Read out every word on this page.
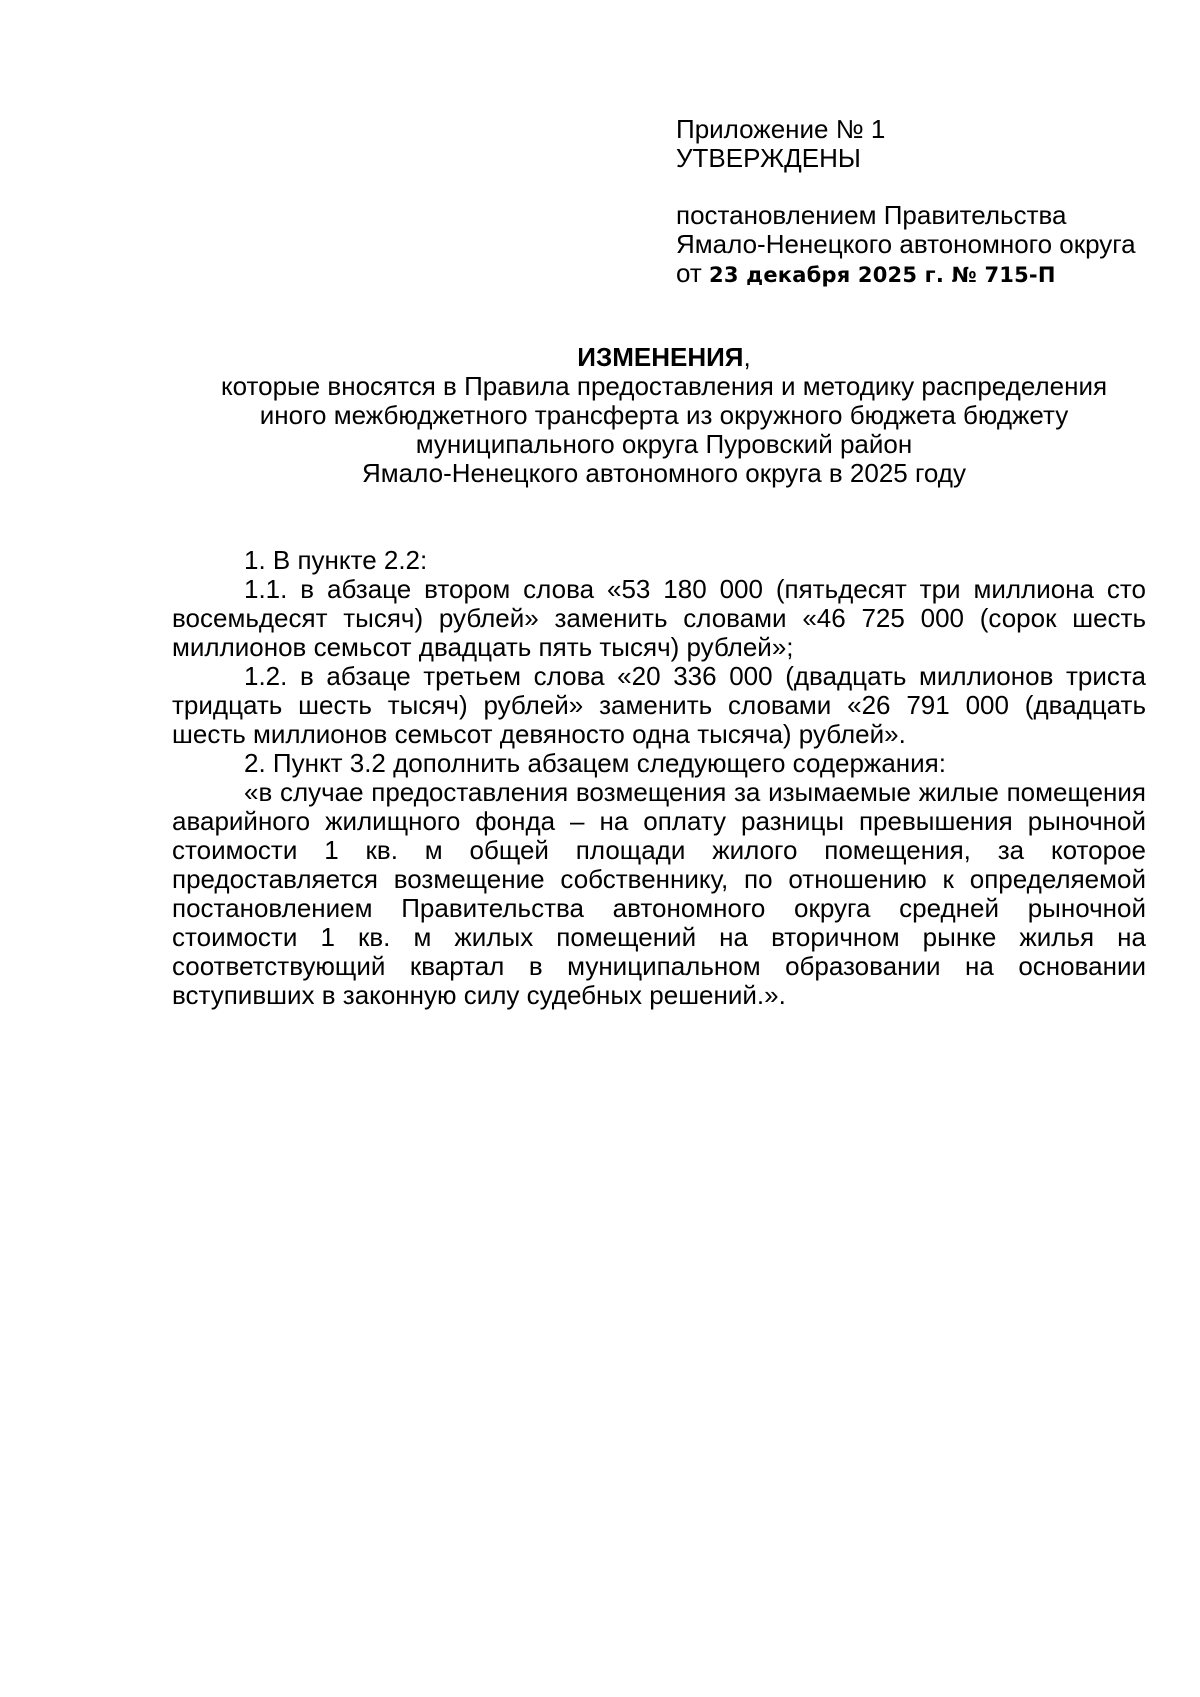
Приложение № 1
УТВЕРЖДЕНЫ
постановлением Правительства
Ямало-Ненецкого автономного округа
от 23 декабря 2025 г. № 715-П
ИЗМЕНЕНИЯ,
которые вносятся в Правила предоставления и методику распределения
иного межбюджетного трансферта из окружного бюджета бюджету
муниципального округа Пуровский район
Ямало-Ненецкого автономного округа в 2025 году

1. В пункте 2.2:

1.1. в абзаце втором слова «53 180 000 (пятьдесят три миллиона сто восемьдесят тысяч) рублей» заменить словами «46 725 000 (сорок шесть миллионов семьсот двадцать пять тысяч) рублей»;

1.2. в абзаце третьем слова «20 336 000 (двадцать миллионов триста тридцать шесть тысяч) рублей» заменить словами «26 791 000 (двадцать шесть миллионов семьсот девяносто одна тысяча) рублей».

2. Пункт 3.2 дополнить абзацем следующего содержания:

«в случае предоставления возмещения за изымаемые жилые помещения аварийного жилищного фонда – на оплату разницы превышения рыночной стоимости 1 кв. м общей площади жилого помещения, за которое предоставляется возмещение собственнику, по отношению к определяемой постановлением Правительства автономного округа средней рыночной стоимости 1 кв. м жилых помещений на вторичном рынке жилья на соответствующий квартал в муниципальном образовании на основании вступивших в законную силу судебных решений.».
